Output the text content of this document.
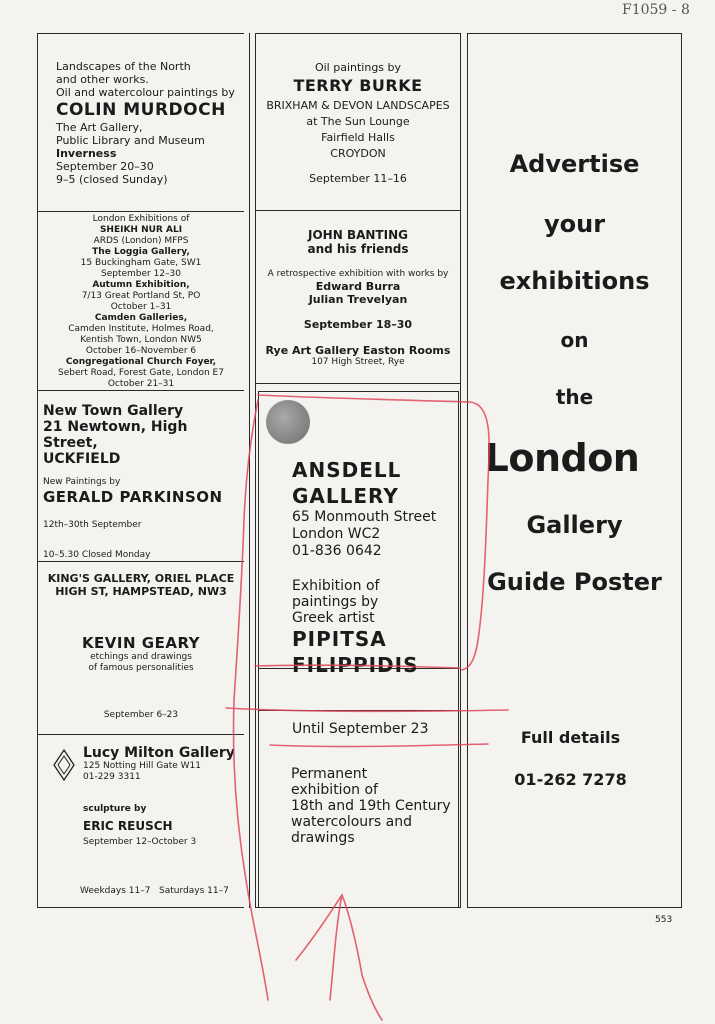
F1059 - 8
Landscapes of the North
and other works.
Oil and watercolour paintings by
COLIN MURDOCH
The Art Gallery,
Public Library and Museum
Inverness
September 20–30
9–5 (closed Sunday)
London Exhibitions of
SHEIKH NUR ALI
ARDS (London) MFPS
The Loggia Gallery,
15 Buckingham Gate, SW1
September 12–30
Autumn Exhibition,
7/13 Great Portland St, PO
October 1–31
Camden Galleries,
Camden Institute, Holmes Road,
Kentish Town, London NW5
October 16–November 6
Congregational Church Foyer,
Sebert Road, Forest Gate, London E7
October 21–31
New Town Gallery
21 Newtown, High Street,
UCKFIELD
New Paintings by
GERALD PARKINSON
12th–30th September
10–5.30 Closed Monday
KING'S GALLERY, ORIEL PLACE
HIGH ST, HAMPSTEAD, NW3
KEVIN GEARY
etchings and drawings
of famous personalities
September 6–23
Lucy Milton Gallery
125 Notting Hill Gate W11
01-229 3311
sculpture by
ERIC REUSCH
September 12–October 3
Weekdays 11–7   Saturdays 11–7
Oil paintings by
TERRY BURKE
BRIXHAM & DEVON LANDSCAPES
at The Sun Lounge
Fairfield Halls
CROYDON
September 11–16
JOHN BANTING
and his friends
A retrospective exhibition with works by
Edward Burra
Julian Trevelyan
September 18–30
Rye Art Gallery Easton Rooms
107 High Street, Rye
ANSDELL
GALLERY
65 Monmouth Street
London WC2
01-836 0642
Exhibition of
paintings by
Greek artist
PIPITSA
FILIPPIDIS
Until September 23
Permanent
exhibition of
18th and 19th Century
watercolours and
drawings
Advertise
your
exhibitions
on
the
London
Gallery
Guide Poster
Full details
01-262 7278
553
